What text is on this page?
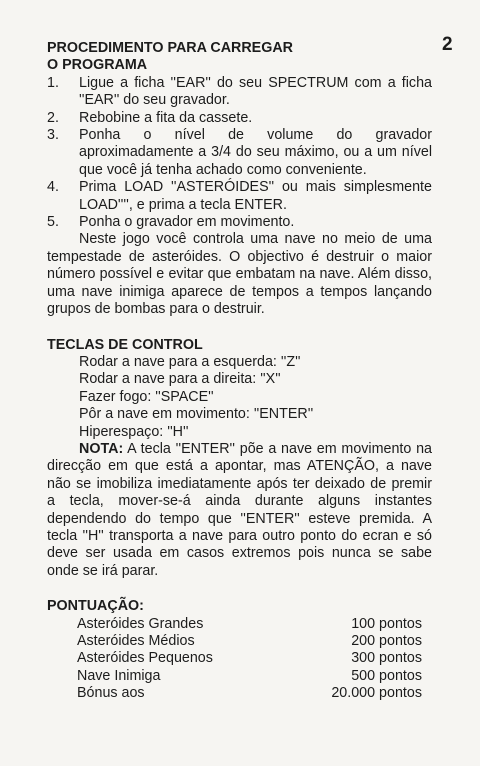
2
PROCEDIMENTO PARA CARREGAR
O PROGRAMA
1. Ligue a ficha ''EAR'' do seu SPECTRUM com a ficha ''EAR'' do seu gravador.

2. Rebobine a fita da cassete.

3. Ponha o nível de volume do gravador aproximadamente a 3/4 do seu máximo, ou a um nível que você já tenha achado como conveniente.

4. Prima LOAD ''ASTERÓIDES'' ou mais simplesmente LOAD'''', e prima a tecla ENTER.

5. Ponha o gravador em movimento.

Neste jogo você controla uma nave no meio de uma tempestade de asteróides. O objectivo é destruir o maior número possível e evitar que embatam na nave. Além disso, uma nave inimiga aparece de tempos a tempos lançando grupos de bombas para o destruir.

TECLAS DE CONTROL
Rodar a nave para a esquerda: ''Z''
Rodar a nave para a direita: ''X''
Fazer fogo: ''SPACE''
Pôr a nave em movimento: ''ENTER''
Hiperespaço: ''H''

NOTA: A tecla ''ENTER'' põe a nave em movimento na direcção em que está a apontar, mas ATENÇÃO, a nave não se imobiliza imediatamente após ter deixado de premir a tecla, mover-se-á ainda durante alguns instantes dependendo do tempo que ''ENTER'' esteve premida. A tecla ''H'' transporta a nave para outro ponto do ecran e só deve ser usada em casos extremos pois nunca se sabe onde se irá parar.

PONTUAÇÃO:
Asteróides Grandes	100 pontos
Asteróides Médios	200 pontos
Asteróides Pequenos	300 pontos
Nave Inimiga	500 pontos
Bónus aos	20.000 pontos
